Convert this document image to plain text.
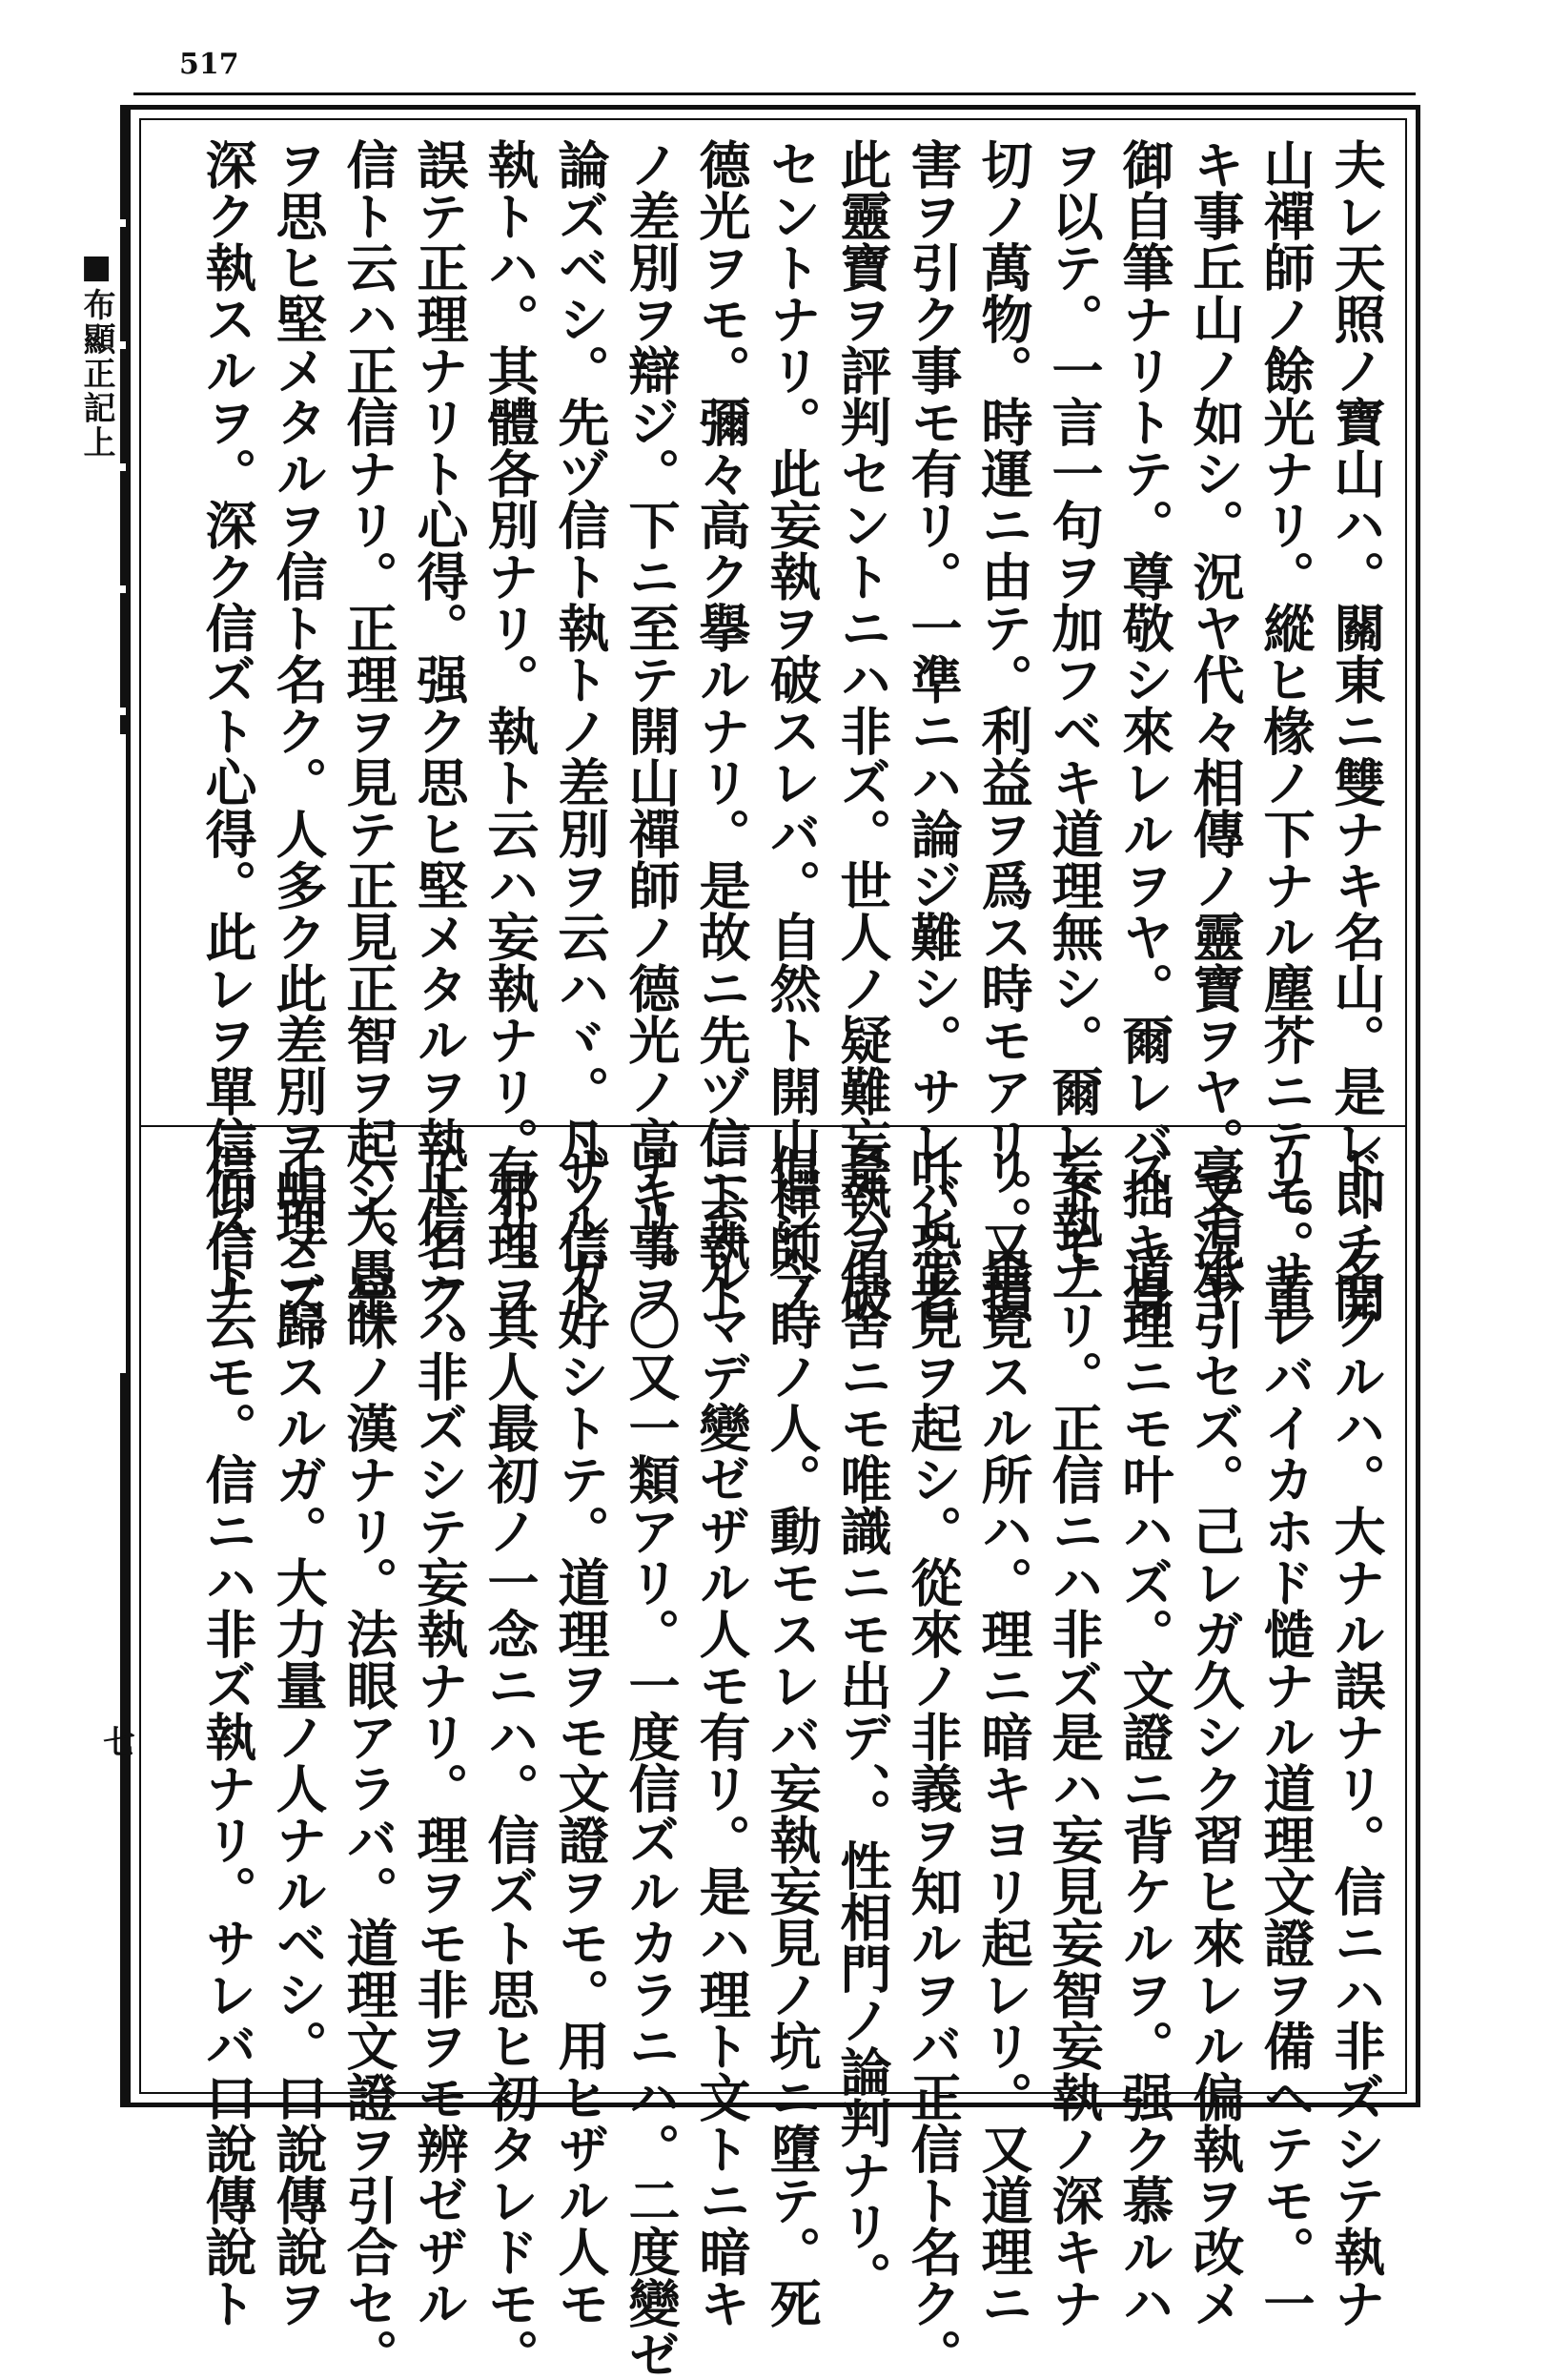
517
■布顯正記上
七
夫レ天照ノ寶山ハ。關東ニ雙ナキ名山。是レ即チ開
山禪師ノ餘光ナリ。縱ヒ椽ノ下ナル塵芥ニテモ。重
キ事丘山ノ如シ。況ヤ代々相傳ノ靈寶ヲヤ。又況ヤ
御自筆ナリトテ。尊敬シ來レルヲヤ。爾レバ拙キ身
ヲ以テ。一言一句ヲ加フベキ道理無シ。爾レドモ一
切ノ萬物。時運ニ由テ。利益ヲ爲ス時モアリ。又損
害ヲ引ク事モ有リ。一準ニハ論ジ難シ。サレバ恐老
此靈寶ヲ評判セントニハ非ズ。世人ノ疑難妄執ヲ破
セントナリ。此妄執ヲ破スレバ。自然ト開山禪師ノ
德光ヲモ。彌々高ク擧ルナリ。是故ニ先ヅ信ト執ト
ノ差別ヲ辯ジ。下ニ至テ開山禪師ノ德光ノ高キ事ヲ
論ズベシ。先ヅ信ト執トノ差別ヲ云ハヾ。凡ソ信ト
執トハ。其體各別ナリ。執ト云ハ妄執ナリ。邪理ヲ
誤テ正理ナリト心得。强ク思ヒ堅メタルヲ執ト名ク。
信ト云ハ正信ナリ。正理ヲ見テ正見正智ヲ起シ。是
ヲ思ヒ堅メタルヲ信ト名ク。人多ク此差別ヲ明メズ。
深ク執スルヲ。深ク信ズト心得。此レヲ單信仰信ナ
ド、名クルハ。大ナル誤ナリ。信ニハ非ズシテ執ナ
リ。サレバイカホド慥ナル道理文證ヲ備ヘテモ。一
毫モ承引セズ。己レガ久シク習ヒ來レル偏執ヲ改メ
ズ。道理ニモ叶ハズ。文證ニ背ケルヲ。强ク慕ルハ
妄執ナリ。正信ニハ非ズ是ハ妄見妄智妄執ノ深キナ
リ。畢竟スル所ハ。理ニ暗キヨリ起レリ。又道理ニ
叶ヒ正見ヲ起シ。從來ノ非義ヲ知ルヲバ正信ト名ク。
是ハ倶舍ニモ唯識ニモ出デ、。性相門ノ論判ナリ。
但シ今時ノ人。動モスレバ妄執妄見ノ坑ニ墮テ。死
ニ至ルマデ變ゼザル人モ有リ。是ハ理ト文トニ暗キ
ナリ。〇又一類アリ。一度信ズルカラニハ。二度變ゼ
ザルガ好シトテ。道理ヲモ文證ヲモ。用ヒザル人モ
有リ。其人最初ノ一念ニハ。信ズト思ヒ初タレドモ。
正信ニハ非ズシテ妄執ナリ。理ヲモ非ヲモ辨ゼザル
ハ大愚昧ノ漢ナリ。法眼アラバ。道理文證ヲ引合セ。
正理ニ歸スルガ。大力量ノ人ナルベシ。口說傳說ヲ
信ズト云モ。信ニハ非ズ執ナリ。サレバ口說傳說ト
